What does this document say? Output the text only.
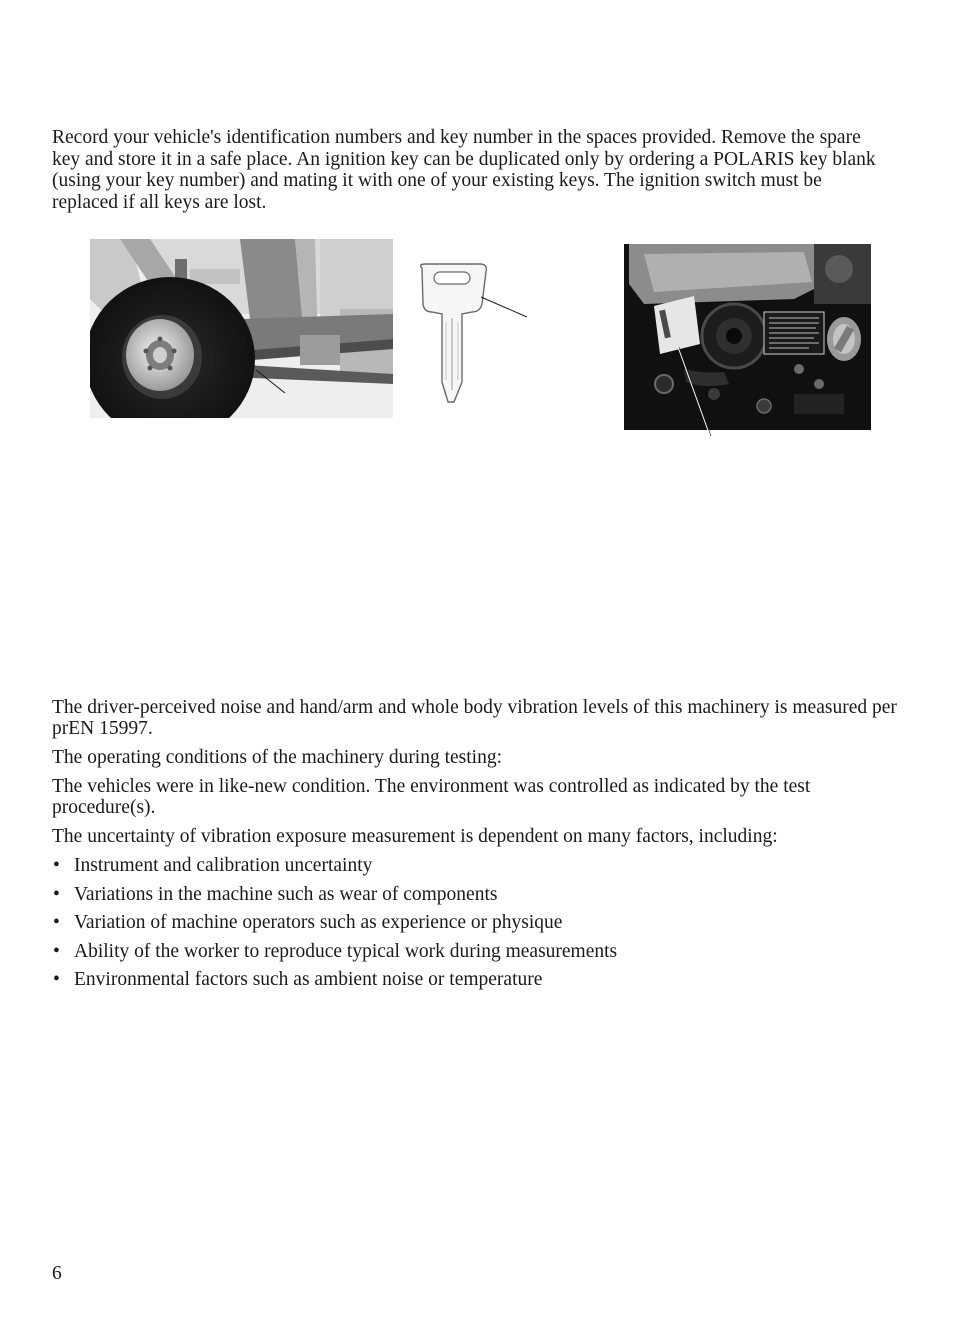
Record your vehicle's identification numbers and key number in the spaces provided. Remove the spare key and store it in a safe place. An ignition key can be duplicated only by ordering a POLARIS key blank (using your key number) and mating it with one of your existing keys. The ignition switch must be replaced if all keys are lost.

The driver-perceived noise and hand/arm and whole body vibration levels of this machinery is measured per prEN 15997.

The operating conditions of the machinery during testing:

The vehicles were in like-new condition. The environment was controlled as indicated by the test procedure(s).

The uncertainty of vibration exposure measurement is dependent on many factors, including:

• Instrument and calibration uncertainty
• Variations in the machine such as wear of components
• Variation of machine operators such as experience or physique
• Ability of the worker to reproduce typical work during measurements
• Environmental factors such as ambient noise or temperature
6
